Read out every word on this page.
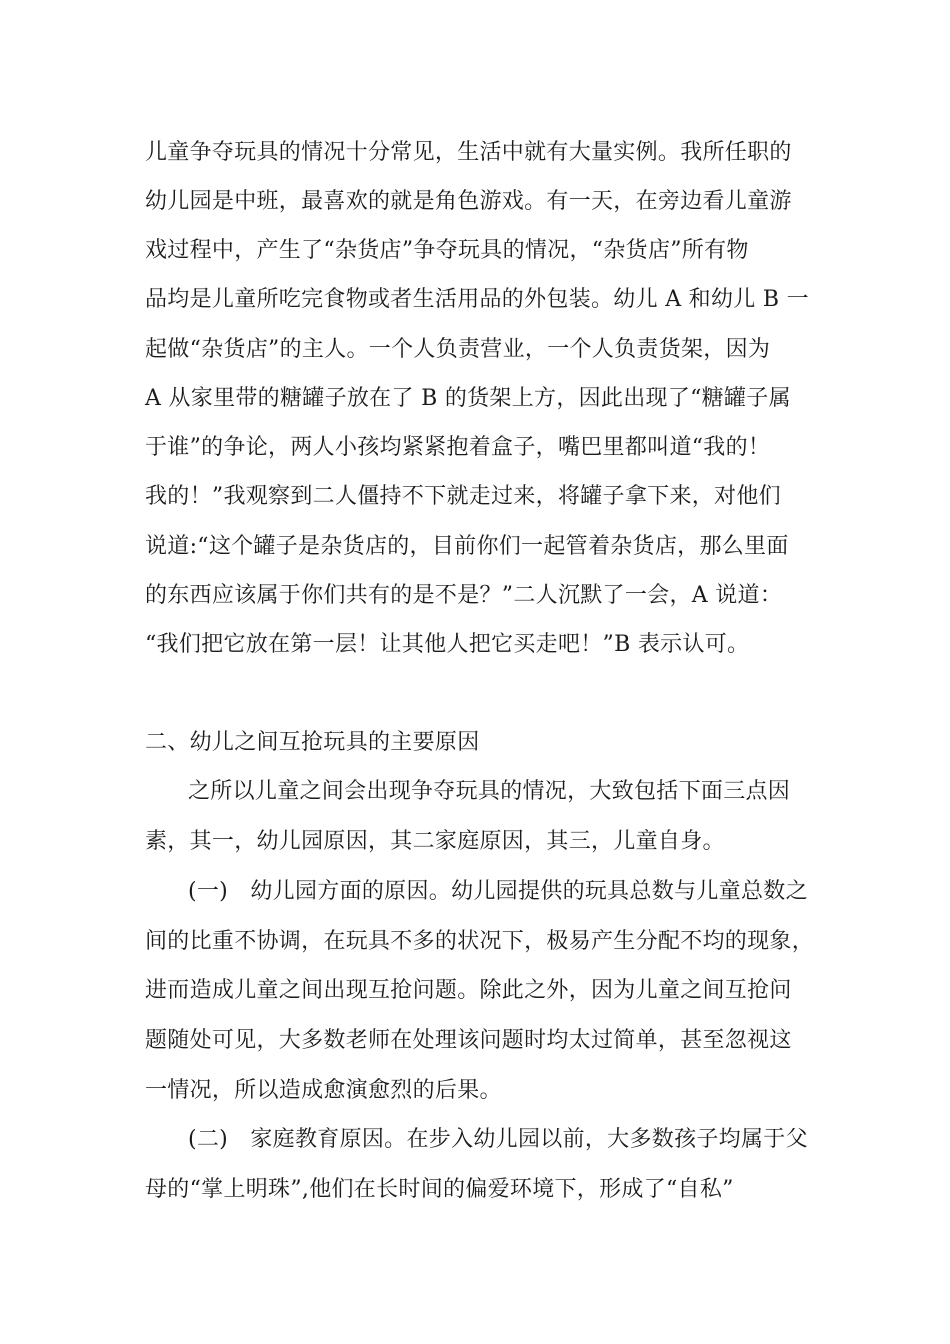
儿童争夺玩具的情况十分常见，生活中就有大量实例。我所任职的
幼儿园是中班，最喜欢的就是角色游戏。有一天，在旁边看儿童游
戏过程中，产生了“杂货店”争夺玩具的情况，“杂货店”所有物
品均是儿童所吃完食物或者生活用品的外包装。幼儿 A 和幼儿 B 一
起做“杂货店”的主人。一个人负责营业，一个人负责货架，因为
A 从家里带的糖罐子放在了 B 的货架上方，因此出现了“糖罐子属
于谁”的争论，两人小孩均紧紧抱着盒子，嘴巴里都叫道“我的！
我的！”我观察到二人僵持不下就走过来，将罐子拿下来，对他们
说道:“这个罐子是杂货店的，目前你们一起管着杂货店，那么里面
的东西应该属于你们共有的是不是？”二人沉默了一会，A 说道：
“我们把它放在第一层！让其他人把它买走吧！”B 表示认可。
二、幼儿之间互抢玩具的主要原因
之所以儿童之间会出现争夺玩具的情况，大致包括下面三点因
素，其一，幼儿园原因，其二家庭原因，其三，儿童自身。
(一)　幼儿园方面的原因。幼儿园提供的玩具总数与儿童总数之
间的比重不协调，在玩具不多的状况下，极易产生分配不均的现象，
进而造成儿童之间出现互抢问题。除此之外，因为儿童之间互抢问
题随处可见，大多数老师在处理该问题时均太过简单，甚至忽视这
一情况，所以造成愈演愈烈的后果。
(二)　家庭教育原因。在步入幼儿园以前，大多数孩子均属于父
母的“掌上明珠”,他们在长时间的偏爱环境下，形成了“自私”
